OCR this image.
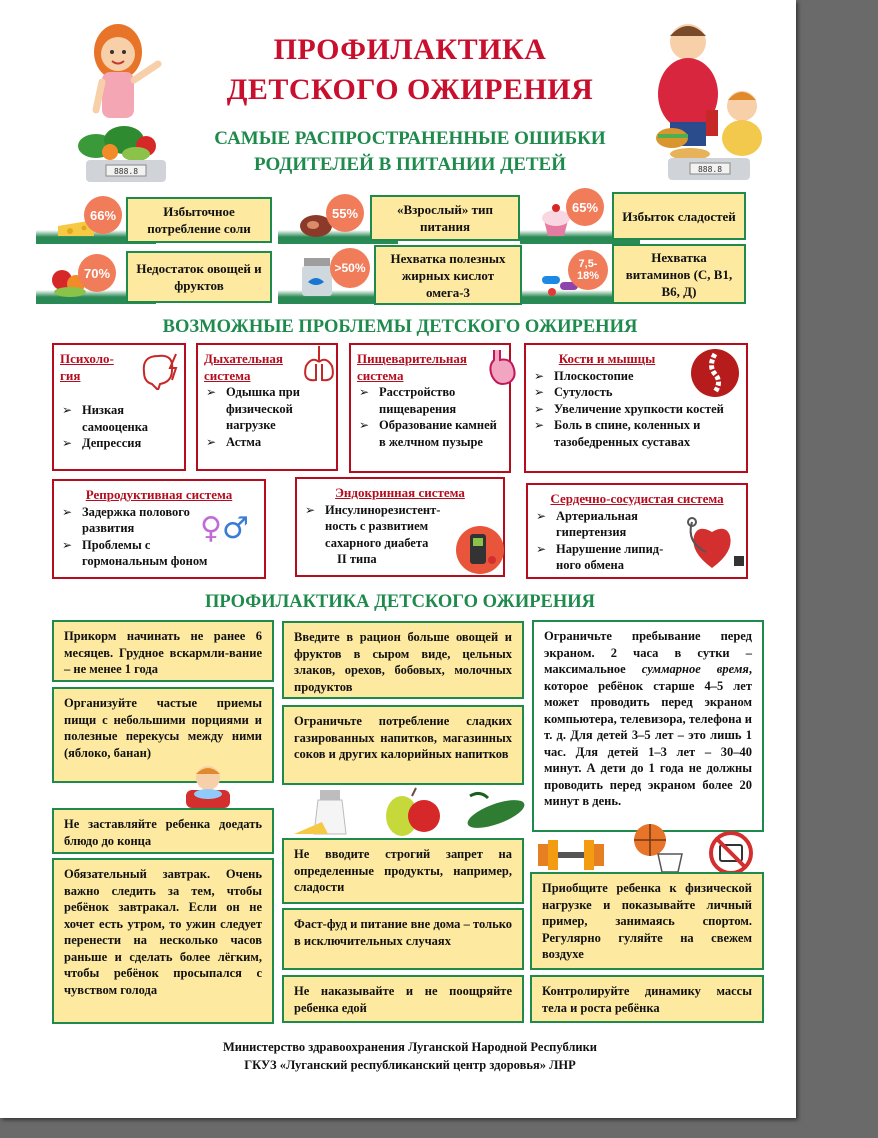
888.8	888.8
ПРОФИЛАКТИКА
ДЕТСКОГО ОЖИРЕНИЯ
САМЫЕ РАСПРОСТРАНЕННЫЕ ОШИБКИ
РОДИТЕЛЕЙ В ПИТАНИИ ДЕТЕЙ
66%	55%	65%
70%	>50%	7,5-18%
Избыточное потребление соли
«Взрослый» тип питания
Избыток сладостей
Недостаток овощей и фруктов
Нехватка полезных жирных кислот омега-3
Нехватка витаминов (С, В1, В6, Д)
ВОЗМОЖНЫЕ ПРОБЛЕМЫ ДЕТСКОГО ОЖИРЕНИЯ
Психоло-гия
➢ Низкая самооценка
➢ Депрессия
Дыхательная система
➢ Одышка при физической нагрузке
➢ Астма
Пищеварительная система
➢ Расстройство пищеварения
➢ Образование камней в желчном пузыре
Кости и мышцы
➢ Плоскостопие
➢ Сутулость
➢ Увеличение хрупкости костей
➢ Боль в спине, коленных и тазобедренных суставах
Репродуктивная система
➢ Задержка полового развития
➢ Проблемы с гормональным фоном
♀♂
Эндокринная система
➢ Инсулинорезистент-ность с развитием сахарного диабета
II типа
Сердечно-сосудистая система
➢ Артериальная гипертензия
➢ Нарушение липид-ного обмена
ПРОФИЛАКТИКА ДЕТСКОГО ОЖИРЕНИЯ
Прикорм начинать не ранее 6 месяцев. Грудное вскармли-вание – не менее 1 года
Организуйте частые приемы пищи с небольшими порциями и полезные перекусы между ними (яблоко, банан)
Не заставляйте ребенка доедать блюдо до конца
Обязательный завтрак. Очень важно следить за тем, чтобы ребёнок завтракал. Если он не хочет есть утром, то ужин следует перенести на несколько часов раньше и сделать более лёгким, чтобы ребёнок просыпался с чувством голода
Введите в рацион больше овощей и фруктов в сыром виде, цельных злаков, орехов, бобовых, молочных продуктов
Ограничьте потребление сладких газированных напитков, магазинных соков и других калорийных напитков
Не вводите строгий запрет на определенные продукты, например, сладости
Фаст-фуд и питание вне дома – только в исключительных случаях
Не наказывайте и не поощряйте ребенка едой
Ограничьте пребывание перед экраном. 2 часа в сутки – максимальное суммарное время, которое ребёнок старше 4–5 лет может проводить перед экраном компьютера, телевизора, телефона и т. д. Для детей 3–5 лет – это лишь 1 час. Для детей 1–3 лет – 30–40 минут. А дети до 1 года не должны проводить перед экраном более 20 минут в день.
Приобщите ребенка к физической нагрузке и показывайте личный пример, занимаясь спортом. Регулярно гуляйте на свежем воздухе
Контролируйте динамику массы тела и роста ребёнка
Министерство здравоохранения Луганской Народной Республики
ГКУЗ «Луганский республиканский центр здоровья» ЛНР
